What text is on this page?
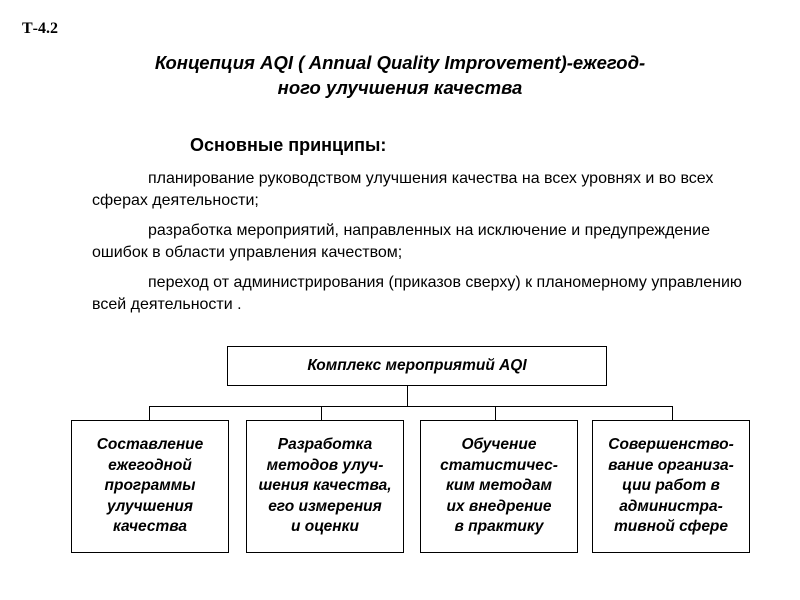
Т-4.2
Концепция AQI ( Annual Quality Improvement)-ежегод-
ного улучшения качества
Основные принципы:

планирование руководством улучшения качества на всех уровнях и во всех сферах деятельности;

разработка мероприятий, направленных на исключение и предупреждение ошибок в области управления качеством;

переход от администрирования (приказов сверху) к планомерному управлению всей деятельности .

Комплекс мероприятий AQI
Составление
ежегодной
программы
улучшения
качества
Разработка
методов улуч-
шения качества,
его измерения
и оценки
Обучение
статистичес-
ким методам
их внедрение
в практику
Совершенство-
вание организа-
ции работ в
администра-
тивной сфере
